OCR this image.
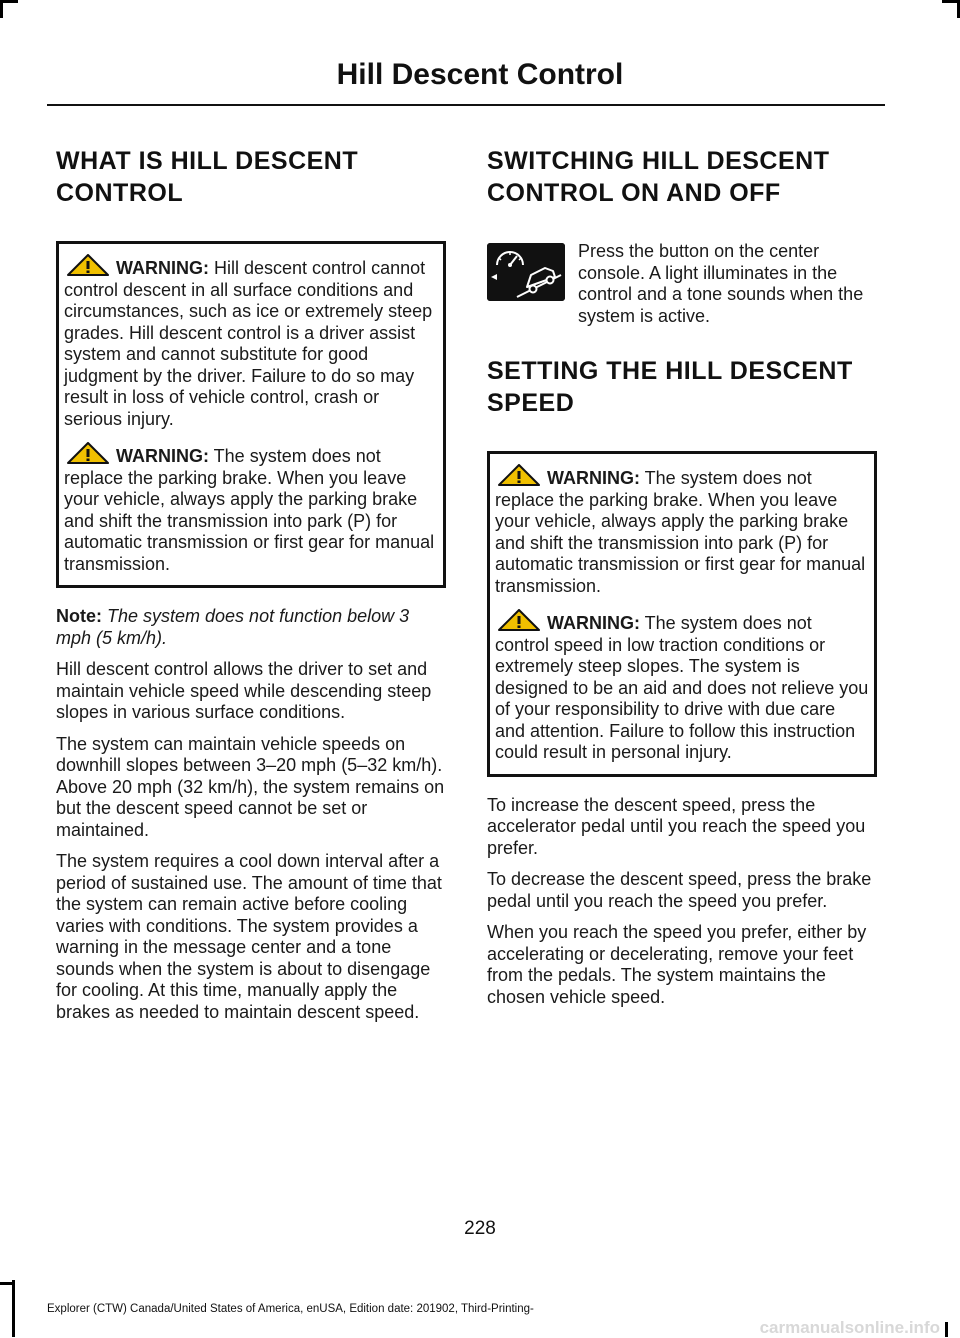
Hill Descent Control
WHAT IS HILL DESCENT CONTROL

WARNING: Hill descent control cannot control descent in all surface conditions and circumstances, such as ice or extremely steep grades. Hill descent control is a driver assist system and cannot substitute for good judgment by the driver. Failure to do so may result in loss of vehicle control, crash or serious injury.

WARNING: The system does not replace the parking brake. When you leave your vehicle, always apply the parking brake and shift the transmission into park (P) for automatic transmission or first gear for manual transmission.

Note: The system does not function below 3 mph (5 km/h).

Hill descent control allows the driver to set and maintain vehicle speed while descending steep slopes in various surface conditions.

The system can maintain vehicle speeds on downhill slopes between 3–20 mph (5–32 km/h). Above 20 mph (32 km/h), the system remains on but the descent speed cannot be set or maintained.

The system requires a cool down interval after a period of sustained use. The amount of time that the system can remain active before cooling varies with conditions. The system provides a warning in the message center and a tone sounds when the system is about to disengage for cooling. At this time, manually apply the brakes as needed to maintain descent speed.

SWITCHING HILL DESCENT CONTROL ON AND OFF

Press the button on the center console. A light illuminates in the control and a tone sounds when the system is active.

SETTING THE HILL DESCENT SPEED

WARNING: The system does not replace the parking brake. When you leave your vehicle, always apply the parking brake and shift the transmission into park (P) for automatic transmission or first gear for manual transmission.

WARNING: The system does not control speed in low traction conditions or extremely steep slopes. The system is designed to be an aid and does not relieve you of your responsibility to drive with due care and attention. Failure to follow this instruction could result in personal injury.

To increase the descent speed, press the accelerator pedal until you reach the speed you prefer.

To decrease the descent speed, press the brake pedal until you reach the speed you prefer.

When you reach the speed you prefer, either by accelerating or decelerating, remove your feet from the pedals. The system maintains the chosen vehicle speed.

228
Explorer (CTW) Canada/United States of America, enUSA, Edition date: 201902, Third-Printing-
carmanualsonline.info
